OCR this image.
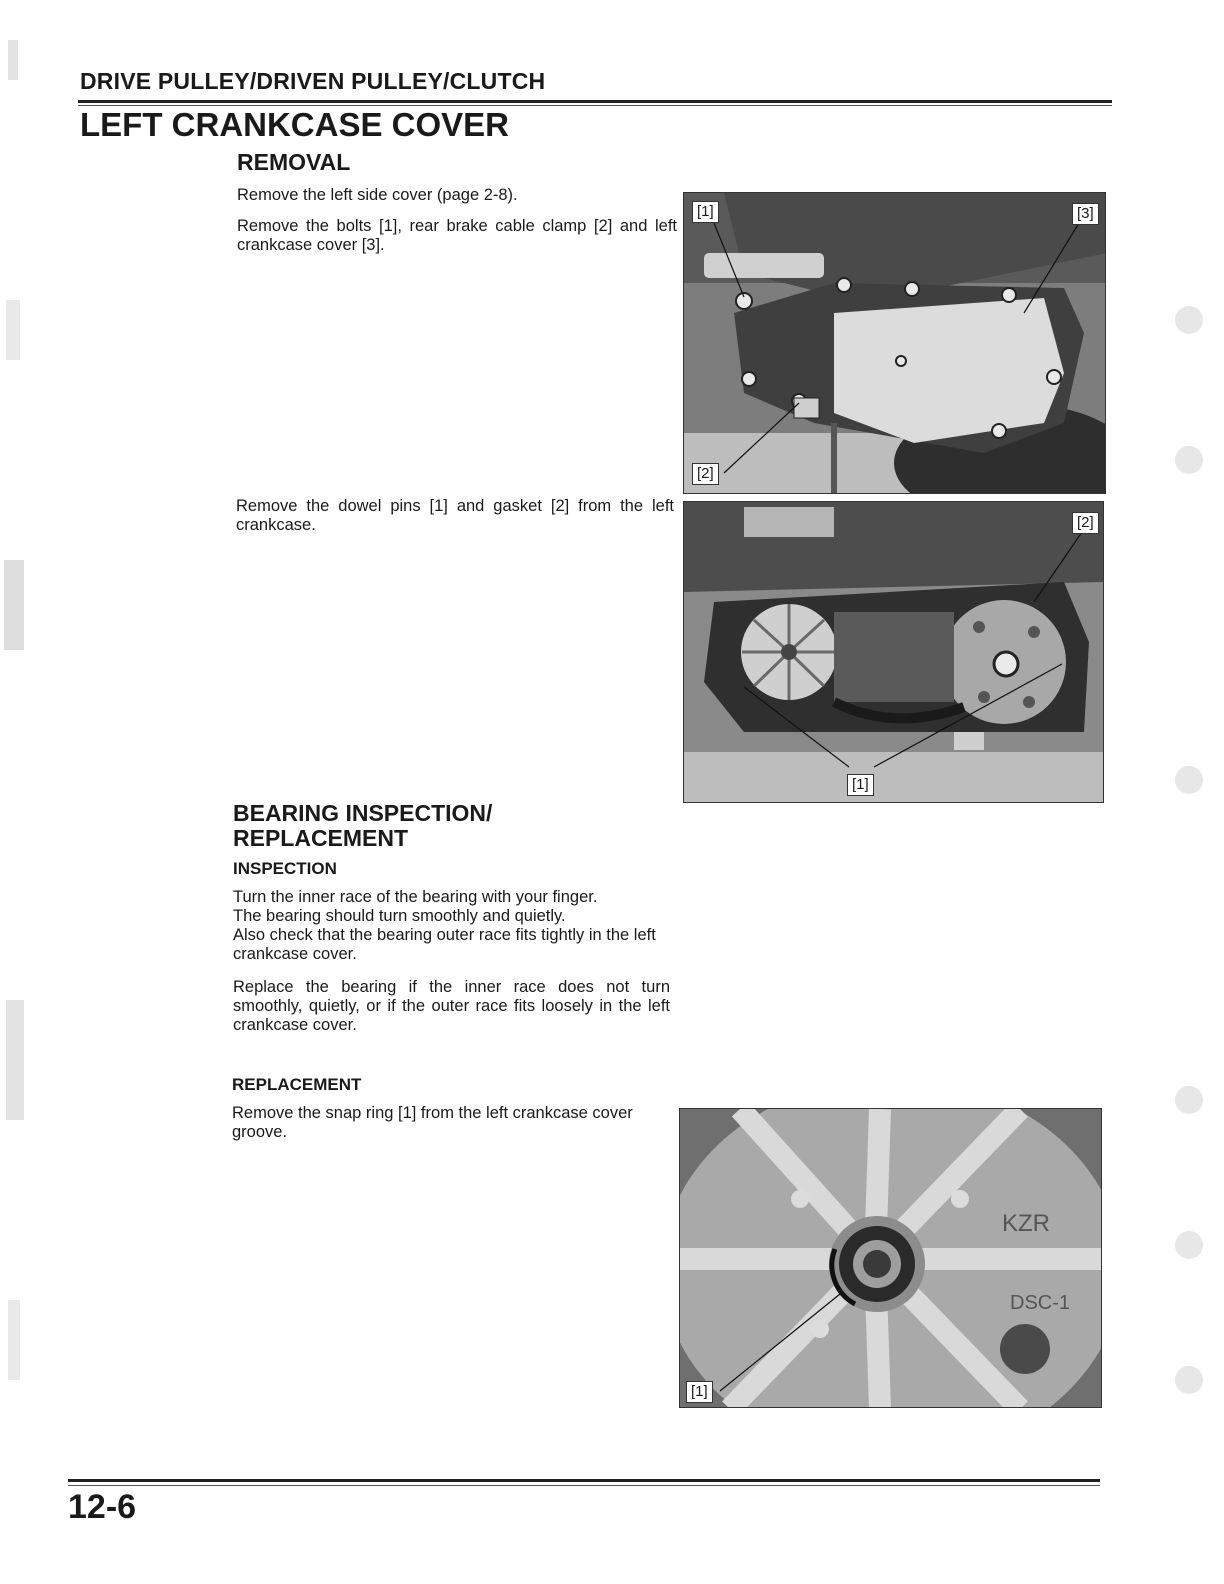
DRIVE PULLEY/DRIVEN PULLEY/CLUTCH
LEFT CRANKCASE COVER
REMOVAL
Remove the left side cover (page 2-8).
Remove the bolts [1], rear brake cable clamp [2] and left crankcase cover [3].
[1]	[3]
[2]
Remove the dowel pins [1] and gasket [2] from the left crankcase.	[2]
[1]
BEARING INSPECTION/
REPLACEMENT
INSPECTION
Turn the inner race of the bearing with your finger.
The bearing should turn smoothly and quietly.
Also check that the bearing outer race fits tightly in the left crankcase cover.
Replace the bearing if the inner race does not turn smoothly, quietly, or if the outer race fits loosely in the left crankcase cover.
REPLACEMENT
Remove the snap ring [1] from the left crankcase cover groove.
KZR
DSC-1
[1]
12-6
